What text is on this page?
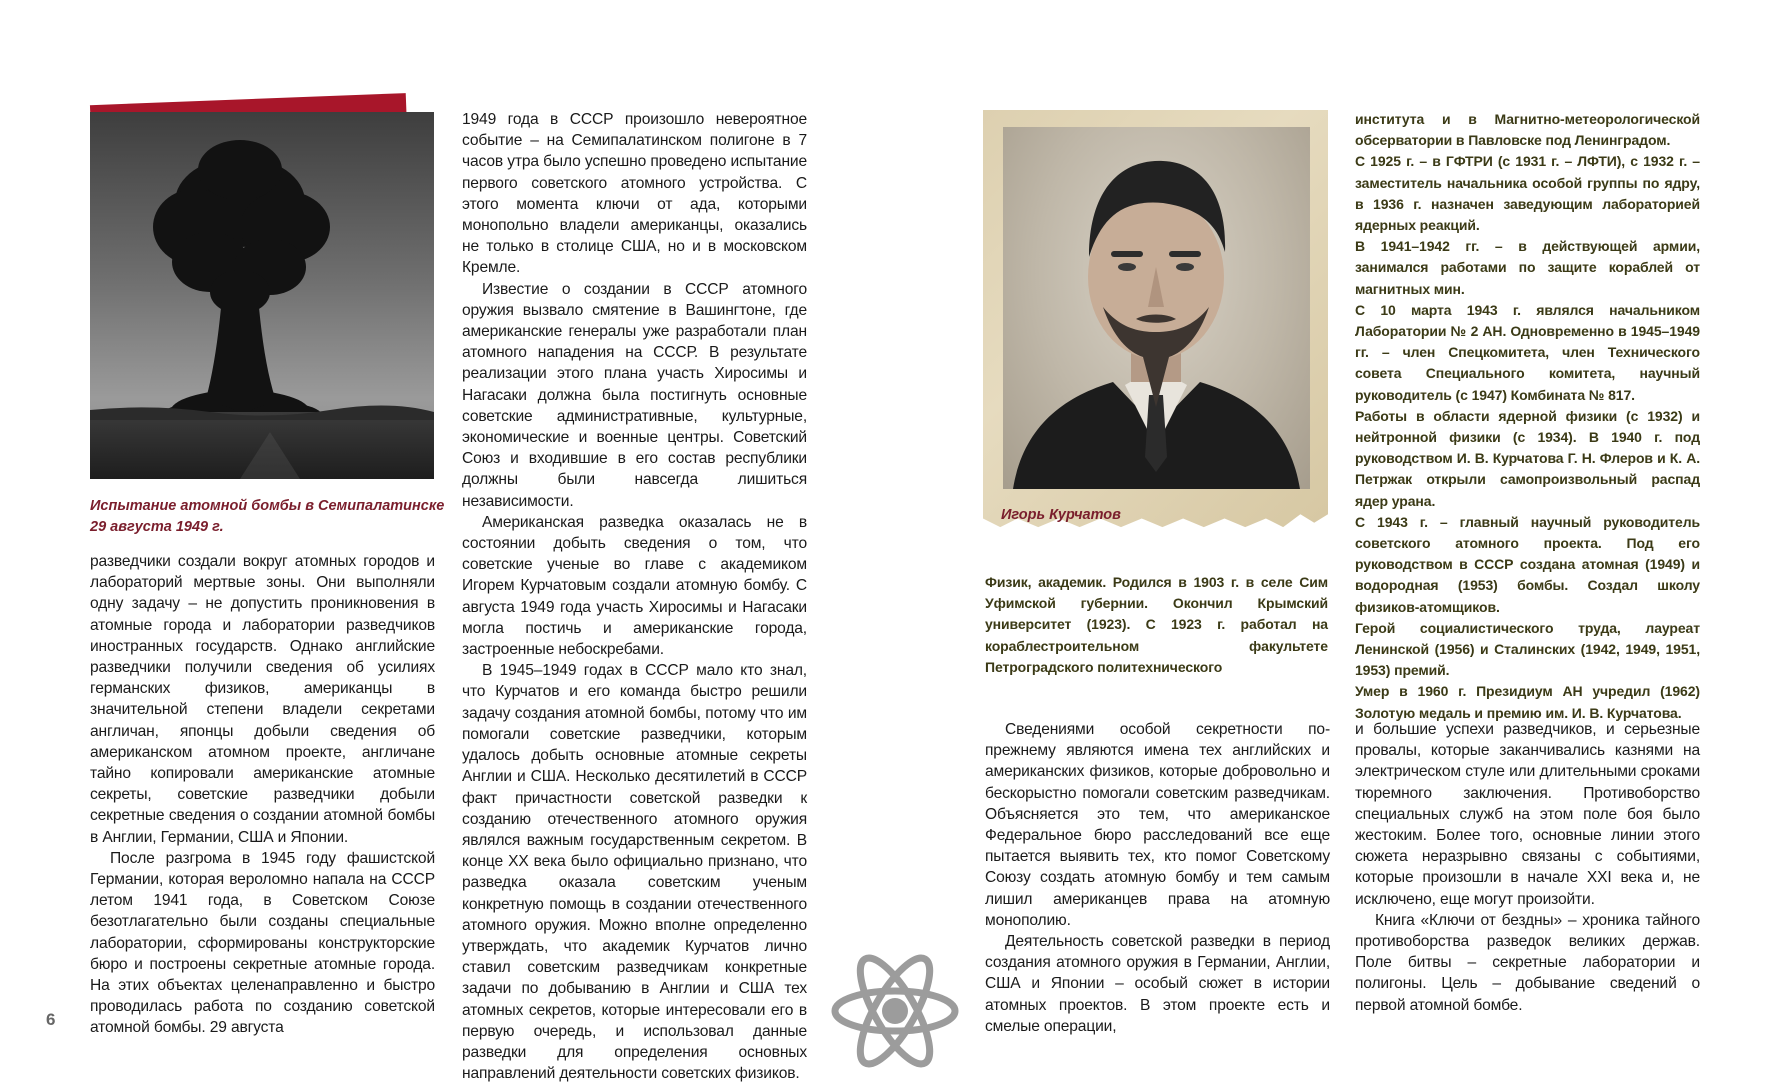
Испытание атомной бомбы в Семипалатинске
29 августа 1949 г.

разведчики создали вокруг атомных городов и лабораторий мертвые зоны. Они выполняли одну задачу – не допустить проникновения в атомные города и лаборатории разведчиков иностранных государств. Однако английские разведчики получили сведения об усилиях германских физиков, американцы в значительной степени владели секретами англичан, японцы добыли сведения об американском атомном проекте, англичане тайно копировали американские атомные секреты, советские разведчики добыли секретные сведения о создании атомной бомбы в Англии, Германии, США и Японии.

После разгрома в 1945 году фашистской Германии, которая вероломно напала на СССР летом 1941 года, в Советском Союзе безотлагательно были созданы специальные лаборатории, сформированы конструкторские бюро и построены секретные атомные города. На этих объектах целенаправленно и быстро проводилась работа по созданию советской атомной бомбы. 29 августа

1949 года в СССР произошло невероятное событие – на Семипалатинском полигоне в 7 часов утра было успешно проведено испытание первого советского атомного устройства. С этого момента ключи от ада, которыми монопольно владели американцы, оказались не только в столице США, но и в московском Кремле.

Известие о создании в СССР атомного оружия вызвало смятение в Вашингтоне, где американские генералы уже разработали план атомного нападения на СССР. В результате реализации этого плана участь Хиросимы и Нагасаки должна была постигнуть основные советские административные, культурные, экономические и военные центры. Советский Союз и входившие в его состав республики должны были навсегда лишиться независимости.

Американская разведка оказалась не в состоянии добыть сведения о том, что советские ученые во главе с академиком Игорем Курчатовым создали атомную бомбу. С августа 1949 года участь Хиросимы и Нагасаки могла постичь и американские города, застроенные небоскребами.

В 1945–1949 годах в СССР мало кто знал, что Курчатов и его команда быстро решили задачу создания атомной бомбы, потому что им помогали советские разведчики, которым удалось добыть основные атомные секреты Англии и США. Несколько десятилетий в СССР факт причастности советской разведки к созданию отечественного атомного оружия являлся важным государственным секретом. В конце XX века было официально признано, что разведка оказала советским ученым конкретную помощь в создании отечественного атомного оружия. Можно вполне определенно утверждать, что академик Курчатов лично ставил советским разведчикам конкретные задачи по добыванию в Англии и США тех атомных секретов, которые интересовали его в первую очередь, и использовал данные разведки для определения основных направлений деятельности советских физиков.

6
Игорь Курчатов

Физик, академик. Родился в 1903 г. в селе Сим Уфимской губернии. Окончил Крымский университет (1923). С 1923 г. работал на кораблестроительном факультете Петроградского политехнического

института и в Магнитно-метеорологической обсерватории в Павловске под Ленинградом.

С 1925 г. – в ГФТРИ (с 1931 г. – ЛФТИ), с 1932 г. – заместитель начальника особой группы по ядру, в 1936 г. назначен заведующим лабораторией ядерных реакций.

В 1941–1942 гг. – в действующей армии, занимался работами по защите кораблей от магнитных мин.

С 10 марта 1943 г. являлся начальником Лаборатории № 2 АН. Одновременно в 1945–1949 гг. – член Спецкомитета, член Технического совета Специального комитета, научный руководитель (с 1947) Комбината № 817.

Работы в области ядерной физики (с 1932) и нейтронной физики (с 1934). В 1940 г. под руководством И. В. Курчатова Г. Н. Флеров и К. А. Петржак открыли самопроизвольный распад ядер урана.

С 1943 г. – главный научный руководитель советского атомного проекта. Под его руководством в СССР создана атомная (1949) и водородная (1953) бомбы. Создал школу физиков-атомщиков.

Герой социалистического труда, лауреат Ленинской (1956) и Сталинских (1942, 1949, 1951, 1953) премий.

Умер в 1960 г. Президиум АН учредил (1962) Золотую медаль и премию им. И. В. Курчатова.

Сведениями особой секретности по-прежнему являются имена тех английских и американских физиков, которые добровольно и бескорыстно помогали советским разведчикам. Объясняется это тем, что американское Федеральное бюро расследований все еще пытается выявить тех, кто помог Советскому Союзу создать атомную бомбу и тем самым лишил американцев права на атомную монополию.

Деятельность советской разведки в период создания атомного оружия в Германии, Англии, США и Японии – особый сюжет в истории атомных проектов. В этом проекте есть и смелые операции,

и большие успехи разведчиков, и серьезные провалы, которые заканчивались казнями на электрическом стуле или длительными сроками тюремного заключения. Противоборство специальных служб на этом поле боя было жестоким. Более того, основные линии этого сюжета неразрывно связаны с событиями, которые произошли в начале XXI века и, не исключено, еще могут произойти.

Книга «Ключи от бездны» – хроника тайного противоборства разведок великих держав. Поле битвы – секретные лаборатории и полигоны. Цель – добывание сведений о первой атомной бомбе.
